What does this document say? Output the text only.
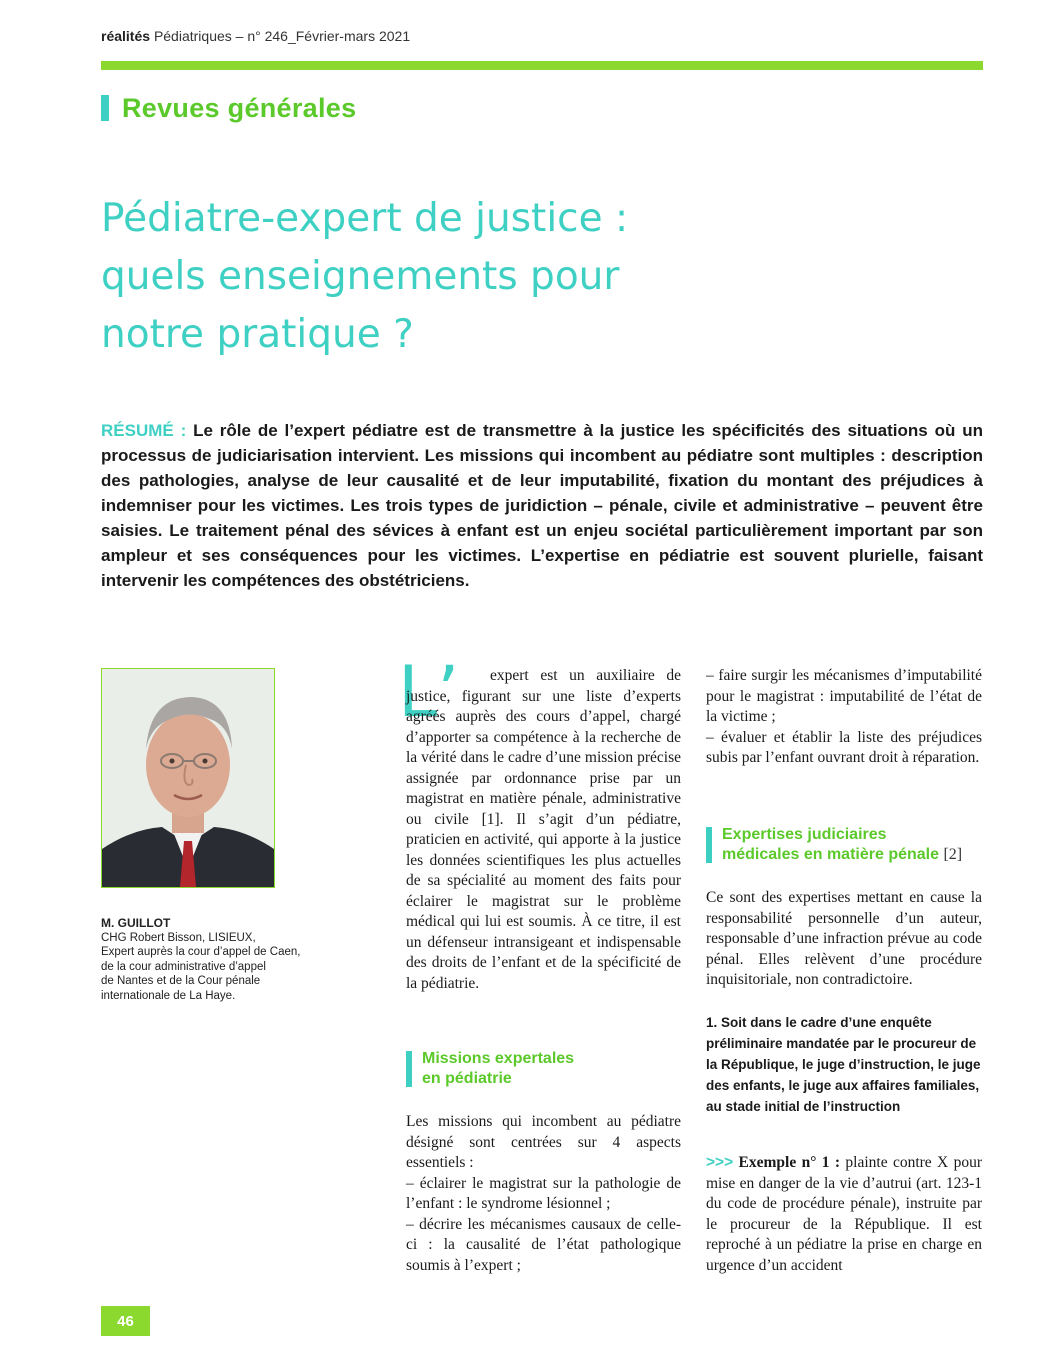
réalités Pédiatriques – n° 246_Février-mars 2021
Revues générales
Pédiatre-expert de justice :
quels enseignements pour
notre pratique ?

RÉSUMÉ : Le rôle de l’expert pédiatre est de transmettre à la justice les spécificités des situations où un processus de judiciarisation intervient. Les missions qui incombent au pédiatre sont multiples : description des pathologies, analyse de leur causalité et de leur imputabilité, fixation du montant des préjudices à indemniser pour les victimes. Les trois types de juridiction – pénale, civile et administrative – peuvent être saisies. Le traitement pénal des sévices à enfant est un enjeu sociétal particulièrement important par son ampleur et ses conséquences pour les victimes. L’expertise en pédiatrie est souvent plurielle, faisant intervenir les compétences des obstétriciens.

M. GUILLOT
CHG Robert Bisson, LISIEUX,
Expert auprès la cour d’appel de Caen,
de la cour administrative d’appel
de Nantes et de la Cour pénale
internationale de La Haye.
L’	expert est un auxiliaire de justice, figurant sur une liste d’experts agréés auprès des cours d’appel, chargé d’apporter sa compétence à la recherche de la vérité dans le cadre d’une mission précise assignée par ordonnance prise par un magistrat en matière pénale, administrative ou civile [1]. Il s’agit d’un pédiatre, praticien en activité, qui apporte à la justice les données scientifiques les plus actuelles de sa spécialité au moment des faits pour éclairer le magistrat sur le problème médical qui lui est soumis. À ce titre, il est un défenseur intransigeant et indispensable des droits de l’enfant et de la spécificité de la pédiatrie.

Missions expertales
en pédiatrie

Les missions qui incombent au pédiatre désigné sont centrées sur 4 aspects essentiels :

– éclairer le magistrat sur la pathologie de l’enfant : le syndrome lésionnel ;

– décrire les mécanismes causaux de celle-ci : la causalité de l’état pathologique soumis à l’expert ;

– faire surgir les mécanismes d’imputabilité pour le magistrat : imputabilité de l’état de la victime ;

– évaluer et établir la liste des préjudices subis par l’enfant ouvrant droit à réparation.

Expertises judiciaires
médicales en matière pénale [2]

Ce sont des expertises mettant en cause la responsabilité personnelle d’un auteur, responsable d’une infraction prévue au code pénal. Elles relèvent d’une procédure inquisitoriale, non contradictoire.

1. Soit dans le cadre d’une enquête préliminaire mandatée par le procureur de la République, le juge d’instruction, le juge des enfants, le juge aux affaires familiales, au stade initial de l’instruction

>>> Exemple n° 1 : plainte contre X pour mise en danger de la vie d’autrui (art. 123-1 du code de procédure pénale), instruite par le procureur de la République. Il est reproché à un pédiatre la prise en charge en urgence d’un accident

46
